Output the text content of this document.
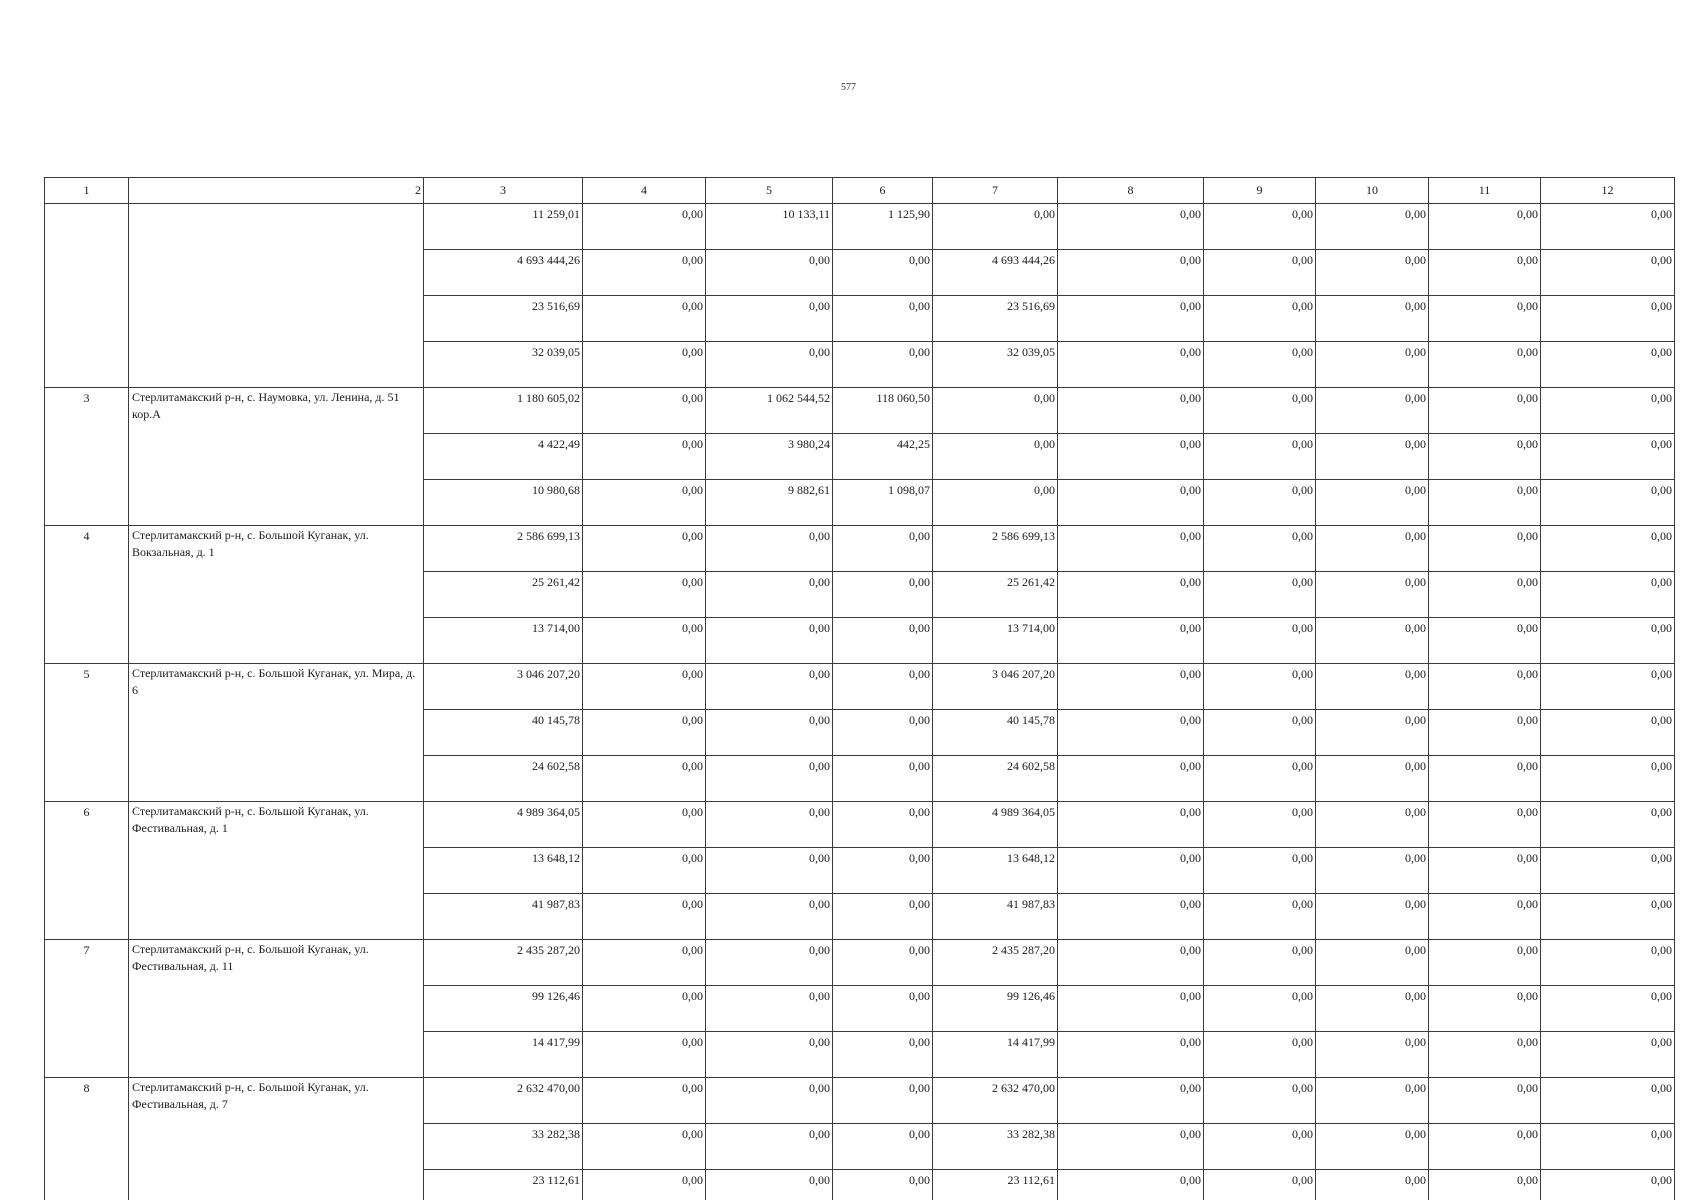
577
1	2	3	4	5	6	7	8	9	10	11	12
		11 259,01	0,00	10 133,11	1 125,90	0,00	0,00	0,00	0,00	0,00	0,00
		4 693 444,26	0,00	0,00	0,00	4 693 444,26	0,00	0,00	0,00	0,00	0,00
		23 516,69	0,00	0,00	0,00	23 516,69	0,00	0,00	0,00	0,00	0,00
		32 039,05	0,00	0,00	0,00	32 039,05	0,00	0,00	0,00	0,00	0,00
3	Стерлитамакский р-н, с. Наумовка, ул. Ленина, д. 51 кор.А	1 180 605,02	0,00	1 062 544,52	118 060,50	0,00	0,00	0,00	0,00	0,00	0,00
		4 422,49	0,00	3 980,24	442,25	0,00	0,00	0,00	0,00	0,00	0,00
		10 980,68	0,00	9 882,61	1 098,07	0,00	0,00	0,00	0,00	0,00	0,00
4	Стерлитамакский р-н, с. Большой Куганак, ул. Вокзальная, д. 1	2 586 699,13	0,00	0,00	0,00	2 586 699,13	0,00	0,00	0,00	0,00	0,00
		25 261,42	0,00	0,00	0,00	25 261,42	0,00	0,00	0,00	0,00	0,00
		13 714,00	0,00	0,00	0,00	13 714,00	0,00	0,00	0,00	0,00	0,00
5	Стерлитамакский р-н, с. Большой Куганак, ул. Мира, д. 6	3 046 207,20	0,00	0,00	0,00	3 046 207,20	0,00	0,00	0,00	0,00	0,00
		40 145,78	0,00	0,00	0,00	40 145,78	0,00	0,00	0,00	0,00	0,00
		24 602,58	0,00	0,00	0,00	24 602,58	0,00	0,00	0,00	0,00	0,00
6	Стерлитамакский р-н, с. Большой Куганак, ул. Фестивальная, д. 1	4 989 364,05	0,00	0,00	0,00	4 989 364,05	0,00	0,00	0,00	0,00	0,00
		13 648,12	0,00	0,00	0,00	13 648,12	0,00	0,00	0,00	0,00	0,00
		41 987,83	0,00	0,00	0,00	41 987,83	0,00	0,00	0,00	0,00	0,00
7	Стерлитамакский р-н, с. Большой Куганак, ул. Фестивальная, д. 11	2 435 287,20	0,00	0,00	0,00	2 435 287,20	0,00	0,00	0,00	0,00	0,00
		99 126,46	0,00	0,00	0,00	99 126,46	0,00	0,00	0,00	0,00	0,00
		14 417,99	0,00	0,00	0,00	14 417,99	0,00	0,00	0,00	0,00	0,00
8	Стерлитамакский р-н, с. Большой Куганак, ул. Фестивальная, д. 7	2 632 470,00	0,00	0,00	0,00	2 632 470,00	0,00	0,00	0,00	0,00	0,00
		33 282,38	0,00	0,00	0,00	33 282,38	0,00	0,00	0,00	0,00	0,00
		23 112,61	0,00	0,00	0,00	23 112,61	0,00	0,00	0,00	0,00	0,00
